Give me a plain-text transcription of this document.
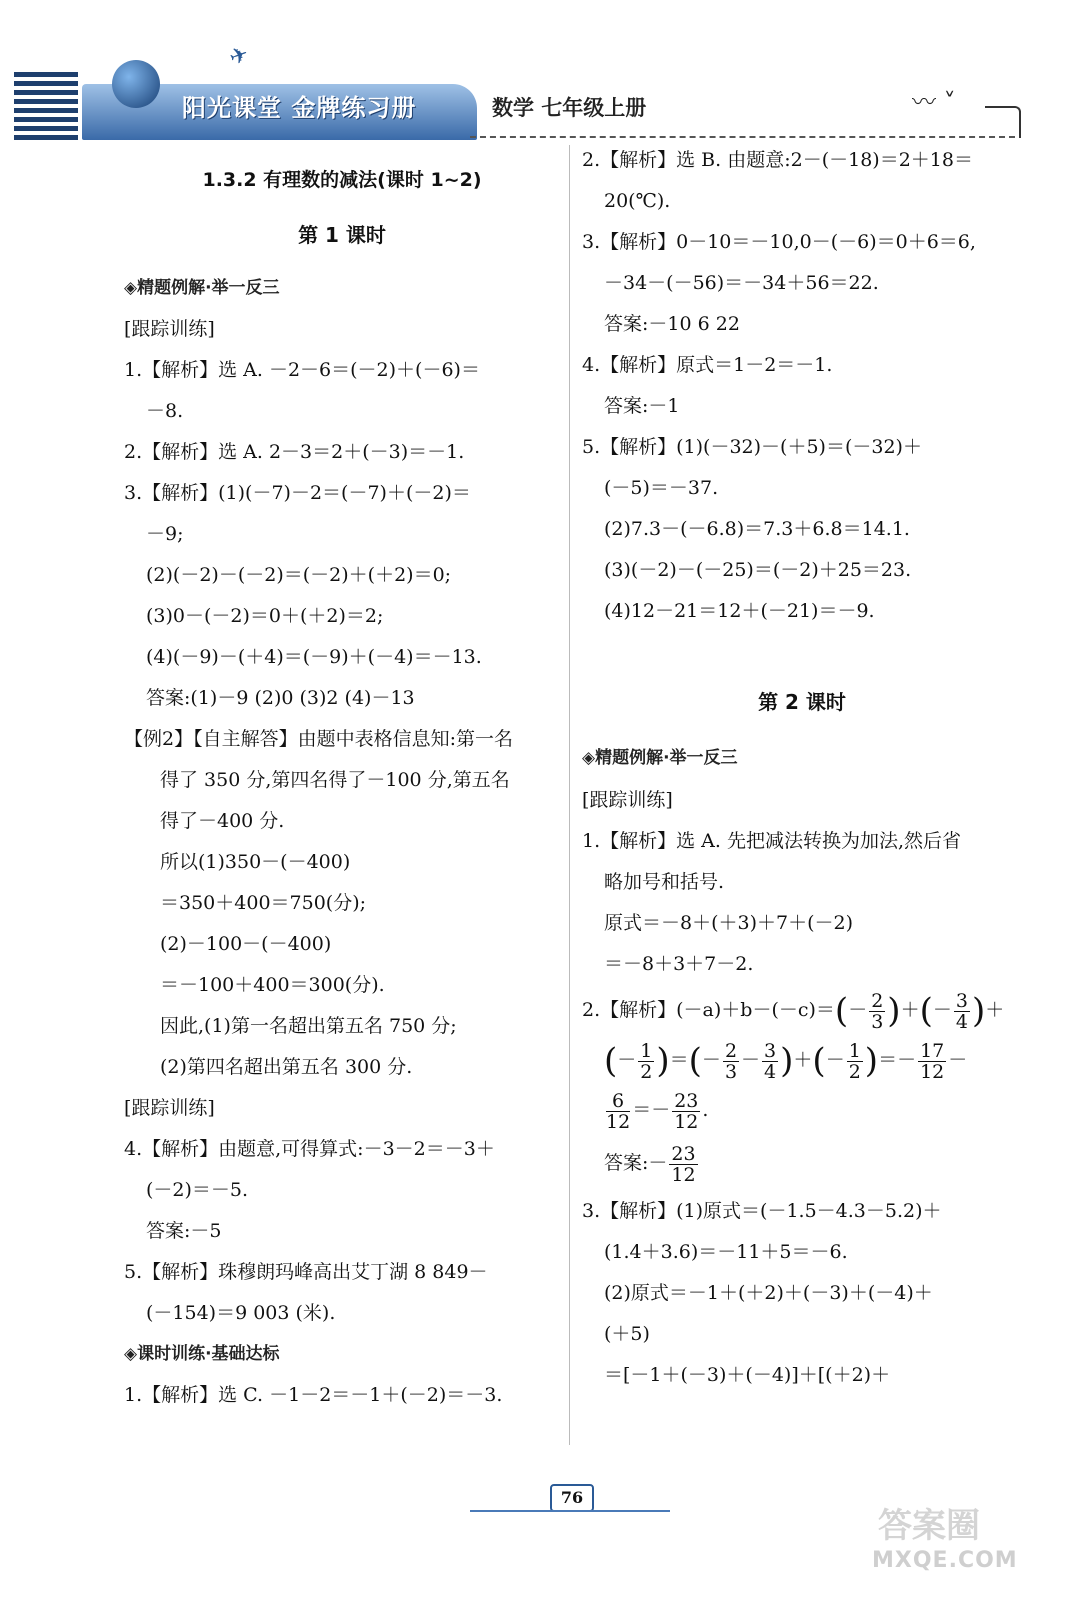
✈
阳光课堂 金牌练习册	数学 七年级上册	〰︎ ˅
1.3.2 有理数的减法(课时 1~2)
第 1 课时
◈精题例解·举一反三
[跟踪训练]
1.【解析】选 A. －2－6＝(－2)＋(－6)＝
－8.
2.【解析】选 A. 2－3＝2＋(－3)＝－1.
3.【解析】(1)(－7)－2＝(－7)＋(－2)＝
－9;
(2)(－2)－(－2)＝(－2)＋(＋2)＝0;
(3)0－(－2)＝0＋(＋2)＝2;
(4)(－9)－(＋4)＝(－9)＋(－4)＝－13.
答案:(1)－9 (2)0 (3)2 (4)－13
【例2】【自主解答】由题中表格信息知:第一名
得了 350 分,第四名得了－100 分,第五名
得了－400 分.
所以(1)350－(－400)
＝350＋400＝750(分);
(2)－100－(－400)
＝－100＋400＝300(分).
因此,(1)第一名超出第五名 750 分;
(2)第四名超出第五名 300 分.
[跟踪训练]
4.【解析】由题意,可得算式:－3－2＝－3＋
(－2)＝－5.
答案:－5
5.【解析】珠穆朗玛峰高出艾丁湖 8 849－
(－154)＝9 003 (米).
◈课时训练·基础达标
1.【解析】选 C. －1－2＝－1＋(－2)＝－3.
2.【解析】选 B. 由题意:2－(－18)＝2＋18＝
20(℃).
3.【解析】0－10＝－10,0－(－6)＝0＋6＝6,
－34－(－56)＝－34＋56＝22.
答案:－10 6 22
4.【解析】原式＝1－2＝－1.
答案:－1
5.【解析】(1)(－32)－(＋5)＝(－32)＋
(－5)＝－37.
(2)7.3－(－6.8)＝7.3＋6.8＝14.1.
(3)(－2)－(－25)＝(－2)＋25＝23.
(4)12－21＝12＋(－21)＝－9.
第 2 课时
◈精题例解·举一反三
[跟踪训练]
1.【解析】选 A. 先把减法转换为加法,然后省
略加号和括号.
原式＝－8＋(＋3)＋7＋(－2)
＝－8＋3＋7－2.
2.【解析】$(-a)+b-(-c)=(- \frac{2}{3}$ )＋(－ $\frac{3}{4}$ )＋
(－ $\frac{1}{2}$ )＝(－ $\frac{2}{3} - \frac{3}{4}$ )＋(－ $\frac{1}{2}$ )＝－ $\frac{17}{12}$ －
$\frac{6}{12} =- \frac{23}{12}$ .
答案:－ $\frac{23}{12}$
3.【解析】(1)原式＝(－1.5－4.3－5.2)＋
(1.4＋3.6)＝－11＋5＝－6.
(2)原式＝－1＋(＋2)＋(－3)＋(－4)＋
(＋5)
＝[－1＋(－3)＋(－4)]＋[(＋2)＋
76
答案圈
MXQE.COM
